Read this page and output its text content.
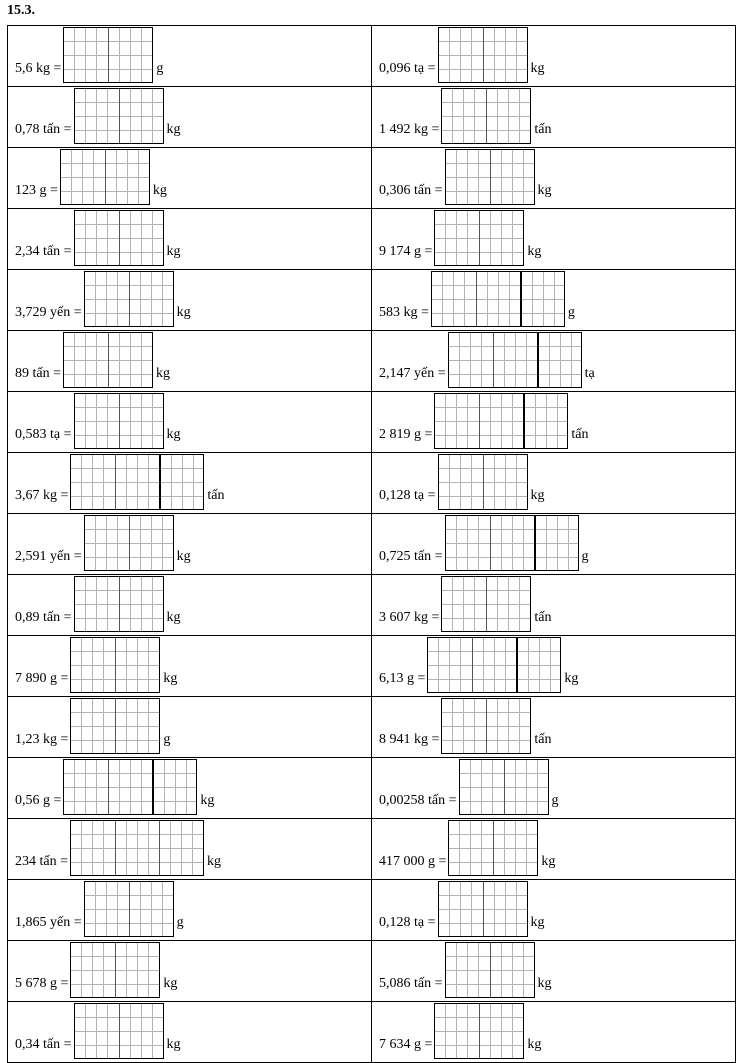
15.3.
5,6 kg = g	0,096 tạ = kg

0,78 tấn = kg	1 492 kg = tấn

123 g = kg	0,306 tấn = kg

2,34 tấn = kg	9 174 g = kg

3,729 yến = kg	583 kg = g

89 tấn = kg	2,147 yến = tạ

0,583 tạ = kg	2 819 g = tấn

3,67 kg = tấn	0,128 tạ = kg

2,591 yến = kg	0,725 tấn = g

0,89 tấn = kg	3 607 kg = tấn

7 890 g = kg	6,13 g = kg

1,23 kg = g	8 941 kg = tấn

0,56 g = kg	0,00258 tấn = g

234 tấn = kg	417 000 g = kg

1,865 yến = g	0,128 tạ = kg

5 678 g = kg	5,086 tấn = kg

0,34 tấn = kg	7 634 g = kg
